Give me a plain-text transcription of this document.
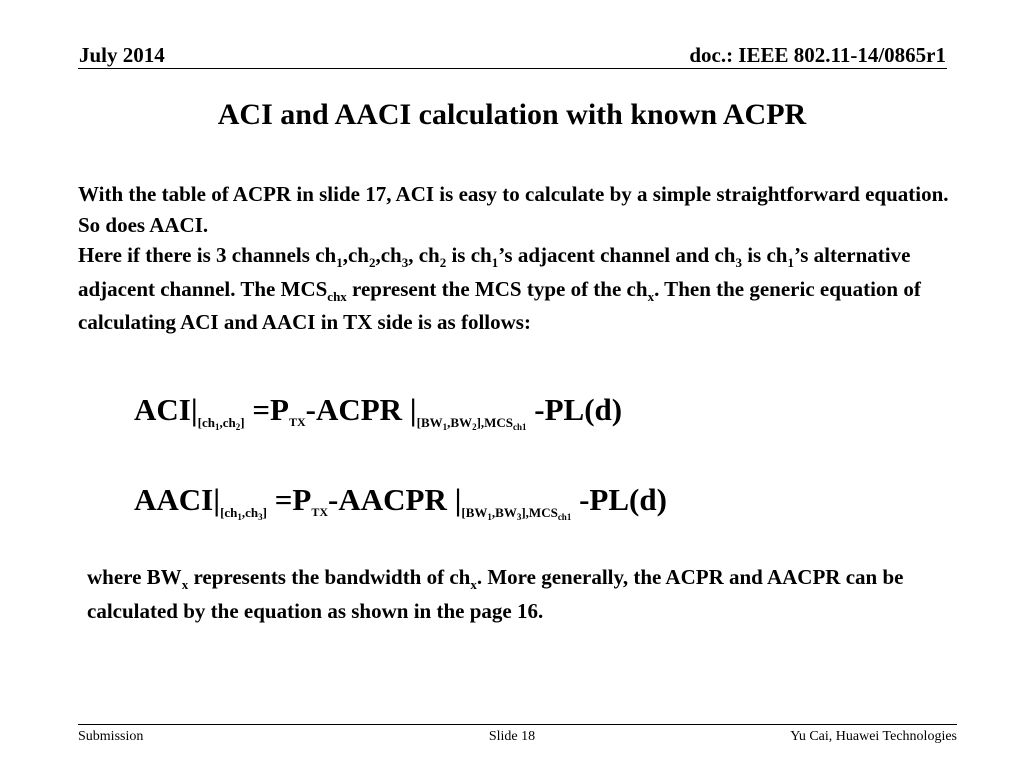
July 2014	doc.: IEEE 802.11-14/0865r1
ACI and AACI calculation with known ACPR

With the table of ACPR in slide 17, ACI is easy to calculate by a simple straightforward equation. So does AACI.

Here if there is 3 channels $ch_1,ch_2,ch_3$, $ch_2$ is $ch_1’s$ adjacent channel and $ch_3$ is $ch_1’s$ alternative adjacent channel. The $MCS_{chx}$ represent the MCS type of the $ch_x$. Then the generic equation of calculating ACI and AACI in TX side is as follows:

$ACI|_{[ch_1,ch_2]}$ =PTX-ACPR $|_{[BW_1,BW_2],MCS_{ch1}}$ -PL(d)
$AACI|_{[ch_1,ch_3]}$ =PTX-AACPR $|_{[BW_1,BW_3],MCS_{ch1}}$ -PL(d)

where $BW_x$ represents the bandwidth of $ch_x$. More generally, the ACPR and AACPR can be calculated by the equation as shown in the page 16.

Submission	Slide 18	Yu Cai, Huawei Technologies
